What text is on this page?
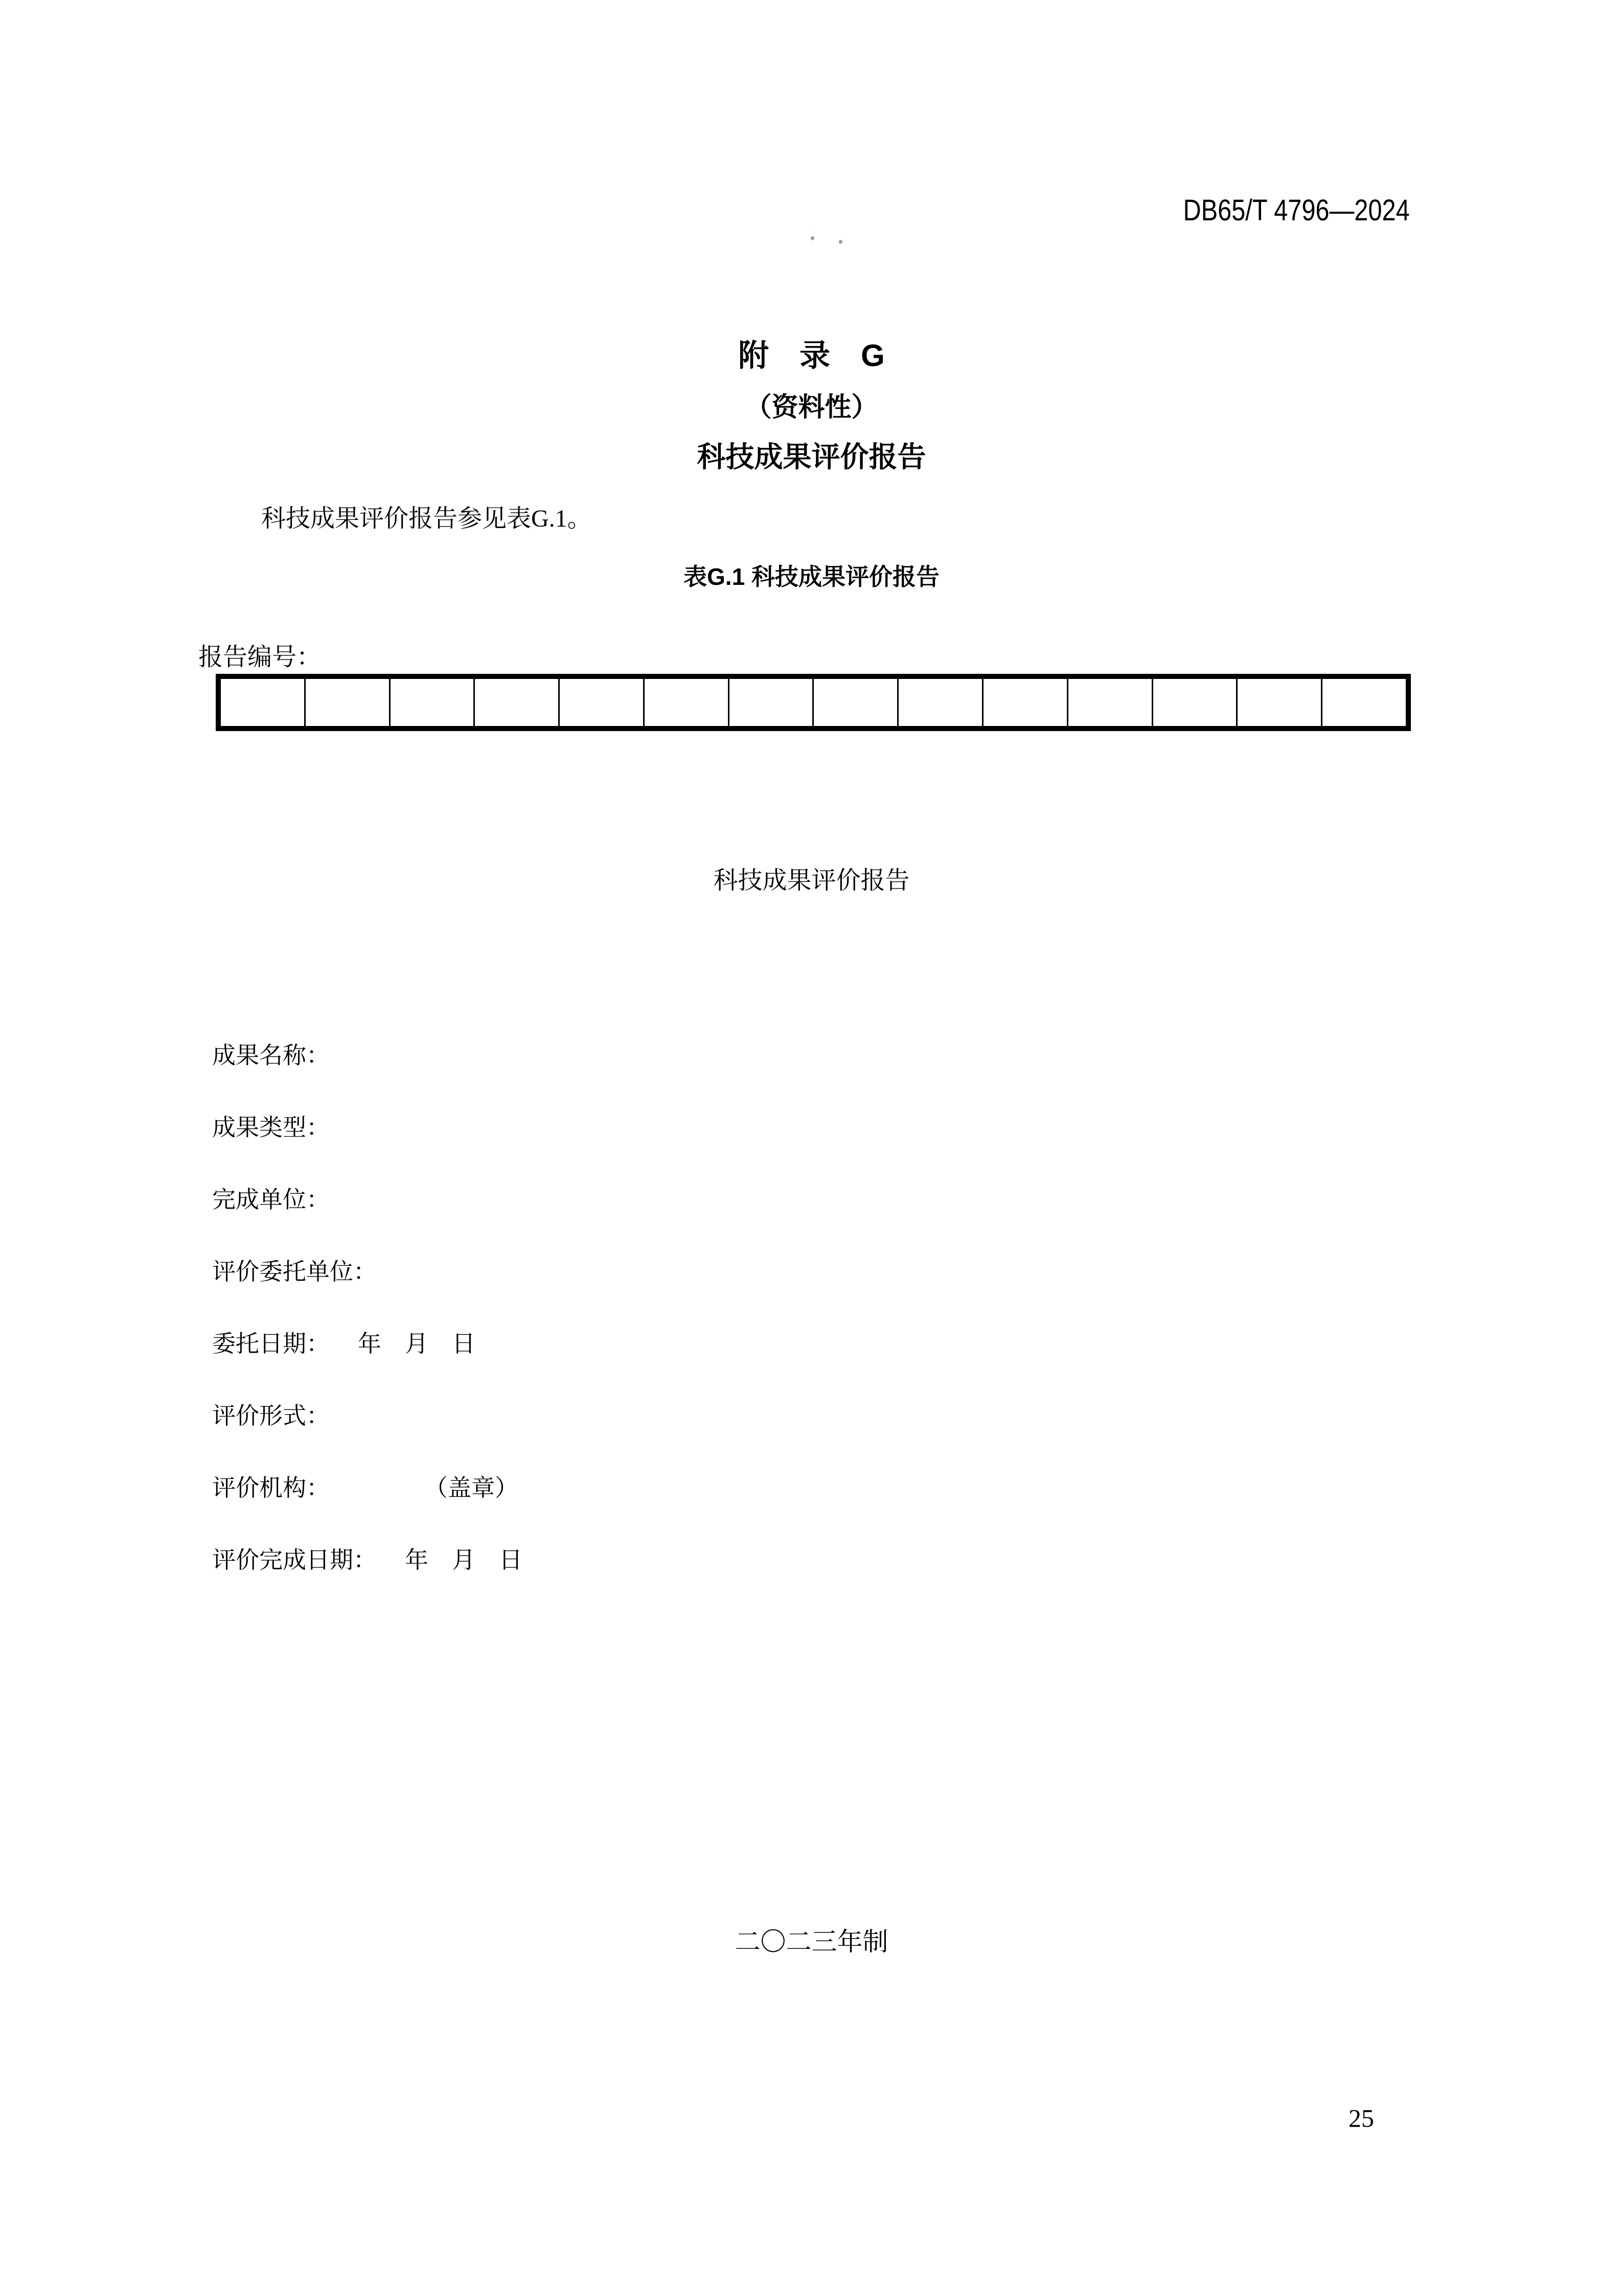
DB65/T 4796—2024
附　录　G
（资料性）
科技成果评价报告
科技成果评价报告参见表G.1。
表G.1 科技成果评价报告
报告编号：
科技成果评价报告
成果名称：
成果类型：
完成单位：
评价委托单位：
委托日期： 年　月　日
评价形式：
评价机构：	（盖章）
评价完成日期： 年　月　日
二〇二三年制
25
